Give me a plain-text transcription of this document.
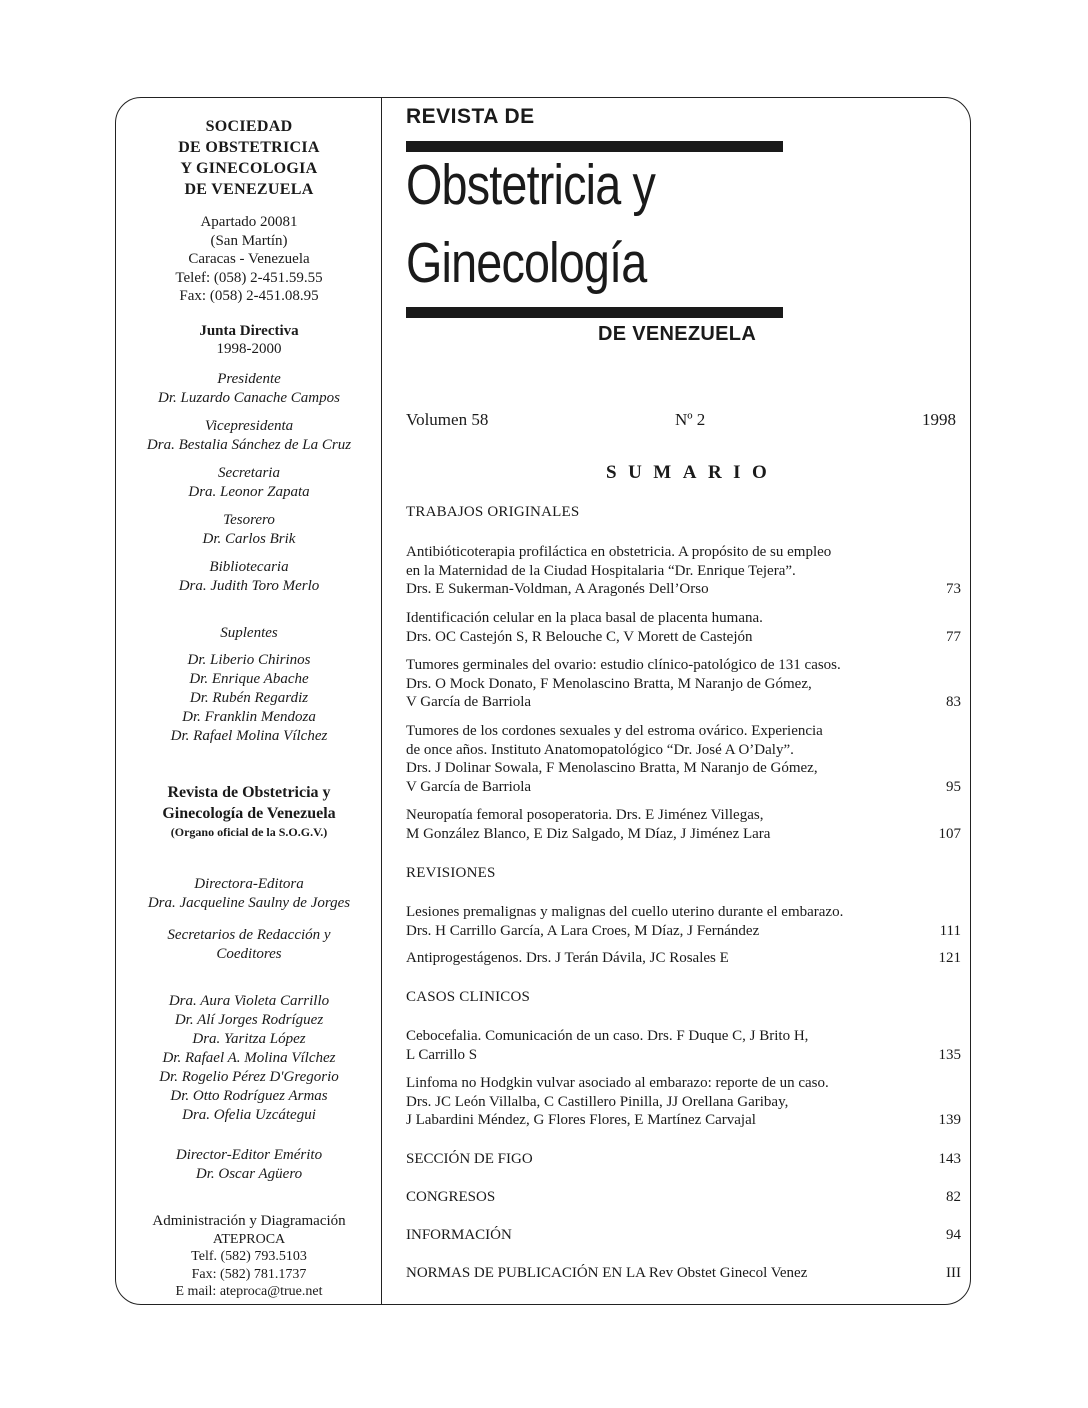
SOCIEDAD
DE OBSTETRICIA
Y GINECOLOGIA
DE VENEZUELA
Apartado 20081
(San Martín)
Caracas - Venezuela
Telef: (058) 2-451.59.55
Fax: (058) 2-451.08.95
Junta Directiva
1998-2000
Presidente
Dr. Luzardo Canache Campos
Vicepresidenta
Dra. Bestalia Sánchez de La Cruz
Secretaria
Dra. Leonor Zapata
Tesorero
Dr. Carlos Brik
Bibliotecaria
Dra. Judith Toro Merlo
Suplentes
Dr. Liberio Chirinos
Dr. Enrique Abache
Dr. Rubén Regardiz
Dr. Franklin Mendoza
Dr. Rafael Molina Vílchez
Revista de Obstetricia y
Ginecología de Venezuela
(Organo oficial de la S.O.G.V.)
Directora-Editora
Dra. Jacqueline Saulny de Jorges
Secretarios de Redacción y
Coeditores
Dra. Aura Violeta Carrillo
Dr. Alí Jorges Rodríguez
Dra. Yaritza López
Dr. Rafael A. Molina Vílchez
Dr. Rogelio Pérez D'Gregorio
Dr. Otto Rodríguez Armas
Dra. Ofelia Uzcátegui
Director-Editor Emérito
Dr. Oscar Agüero
Administración y Diagramación
ATEPROCA
Telf. (582) 793.5103
Fax: (582) 781.1737
E mail: ateproca@true.net
REVISTA DE
Obstetricia y
Ginecología
DE VENEZUELA
Volumen 58	Nº 2	1998
SUMARIO
TRABAJOS ORIGINALES
Antibióticoterapia profiláctica en obstetricia. A propósito de su empleo
en la Maternidad de la Ciudad Hospitalaria “Dr. Enrique Tejera”.
Drs. E Sukerman-Voldman, A Aragonés Dell’Orso	73
Identificación celular en la placa basal de placenta humana.
Drs. OC Castejón S, R Belouche C, V Morett de Castejón	77
Tumores germinales del ovario: estudio clínico-patológico de 131 casos.
Drs. O Mock Donato, F Menolascino Bratta, M Naranjo de Gómez,
V García de Barriola	83
Tumores de los cordones sexuales y del estroma ovárico. Experiencia
de once años. Instituto Anatomopatológico “Dr. José A O’Daly”.
Drs. J Dolinar Sowala, F Menolascino Bratta, M Naranjo de Gómez,
V García de Barriola	95
Neuropatía femoral posoperatoria. Drs. E Jiménez Villegas,
M González Blanco, E Diz Salgado, M Díaz, J Jiménez Lara	107
REVISIONES
Lesiones premalignas y malignas del cuello uterino durante el embarazo.
Drs. H Carrillo García, A Lara Croes, M Díaz, J Fernández	111
Antiprogestágenos. Drs. J Terán Dávila, JC Rosales E	121
CASOS CLINICOS
Cebocefalia. Comunicación de un caso. Drs. F Duque C, J Brito H,
L Carrillo S	135
Linfoma no Hodgkin vulvar asociado al embarazo: reporte de un caso.
Drs. JC León Villalba, C Castillero Pinilla, JJ Orellana Garibay,
J Labardini Méndez, G Flores Flores, E Martínez Carvajal	139
SECCIÓN DE FIGO	143
CONGRESOS	82
INFORMACIÓN	94
NORMAS DE PUBLICACIÓN EN LA Rev Obstet Ginecol Venez	III
